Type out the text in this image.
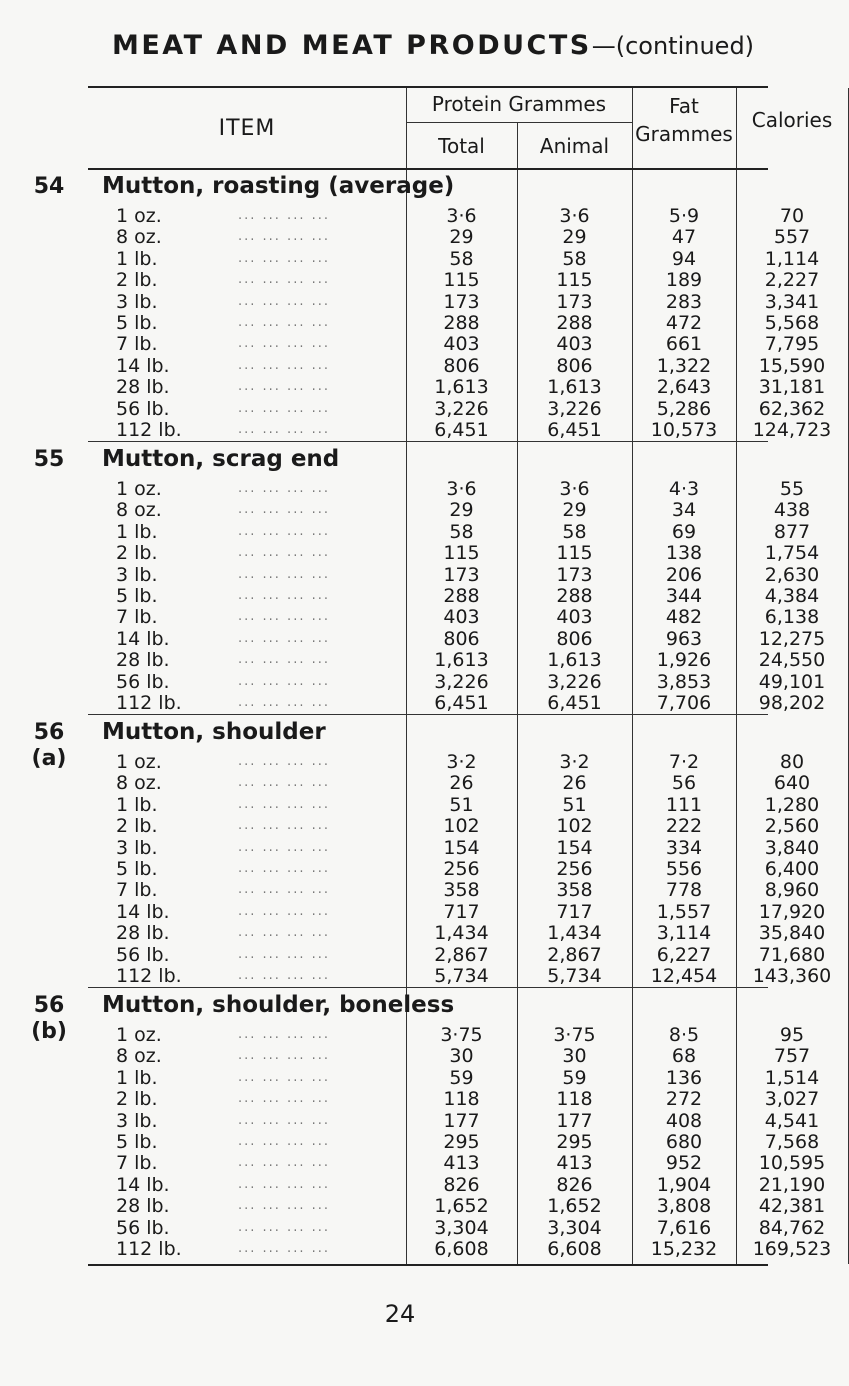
MEAT AND MEAT PRODUCTS—(continued)
ITEM
Protein Grammes
Total	Animal
Fat Grammes
Calories
54	Mutton, roasting (average)
1 oz.	... ... ... ...	3·6	3·6	5·9	70
8 oz.	... ... ... ...	29	29	47	557
1 lb.	... ... ... ...	58	58	94	1,114
2 lb.	... ... ... ...	115	115	189	2,227
3 lb.	... ... ... ...	173	173	283	3,341
5 lb.	... ... ... ...	288	288	472	5,568
7 lb.	... ... ... ...	403	403	661	7,795
14 lb.	... ... ... ...	806	806	1,322	15,590
28 lb.	... ... ... ...	1,613	1,613	2,643	31,181
56 lb.	... ... ... ...	3,226	3,226	5,286	62,362
112 lb.	... ... ... ...	6,451	6,451	10,573	124,723
55	Mutton, scrag end
1 oz.	... ... ... ...	3·6	3·6	4·3	55
8 oz.	... ... ... ...	29	29	34	438
1 lb.	... ... ... ...	58	58	69	877
2 lb.	... ... ... ...	115	115	138	1,754
3 lb.	... ... ... ...	173	173	206	2,630
5 lb.	... ... ... ...	288	288	344	4,384
7 lb.	... ... ... ...	403	403	482	6,138
14 lb.	... ... ... ...	806	806	963	12,275
28 lb.	... ... ... ...	1,613	1,613	1,926	24,550
56 lb.	... ... ... ...	3,226	3,226	3,853	49,101
112 lb.	... ... ... ...	6,451	6,451	7,706	98,202
56
(a)
Mutton, shoulder
1 oz.	... ... ... ...	3·2	3·2	7·2	80
8 oz.	... ... ... ...	26	26	56	640
1 lb.	... ... ... ...	51	51	111	1,280
2 lb.	... ... ... ...	102	102	222	2,560
3 lb.	... ... ... ...	154	154	334	3,840
5 lb.	... ... ... ...	256	256	556	6,400
7 lb.	... ... ... ...	358	358	778	8,960
14 lb.	... ... ... ...	717	717	1,557	17,920
28 lb.	... ... ... ...	1,434	1,434	3,114	35,840
56 lb.	... ... ... ...	2,867	2,867	6,227	71,680
112 lb.	... ... ... ...	5,734	5,734	12,454	143,360
56
(b)
Mutton, shoulder, boneless
1 oz.	... ... ... ...	3·75	3·75	8·5	95
8 oz.	... ... ... ...	30	30	68	757
1 lb.	... ... ... ...	59	59	136	1,514
2 lb.	... ... ... ...	118	118	272	3,027
3 lb.	... ... ... ...	177	177	408	4,541
5 lb.	... ... ... ...	295	295	680	7,568
7 lb.	... ... ... ...	413	413	952	10,595
14 lb.	... ... ... ...	826	826	1,904	21,190
28 lb.	... ... ... ...	1,652	1,652	3,808	42,381
56 lb.	... ... ... ...	3,304	3,304	7,616	84,762
112 lb.	... ... ... ...	6,608	6,608	15,232	169,523
24
